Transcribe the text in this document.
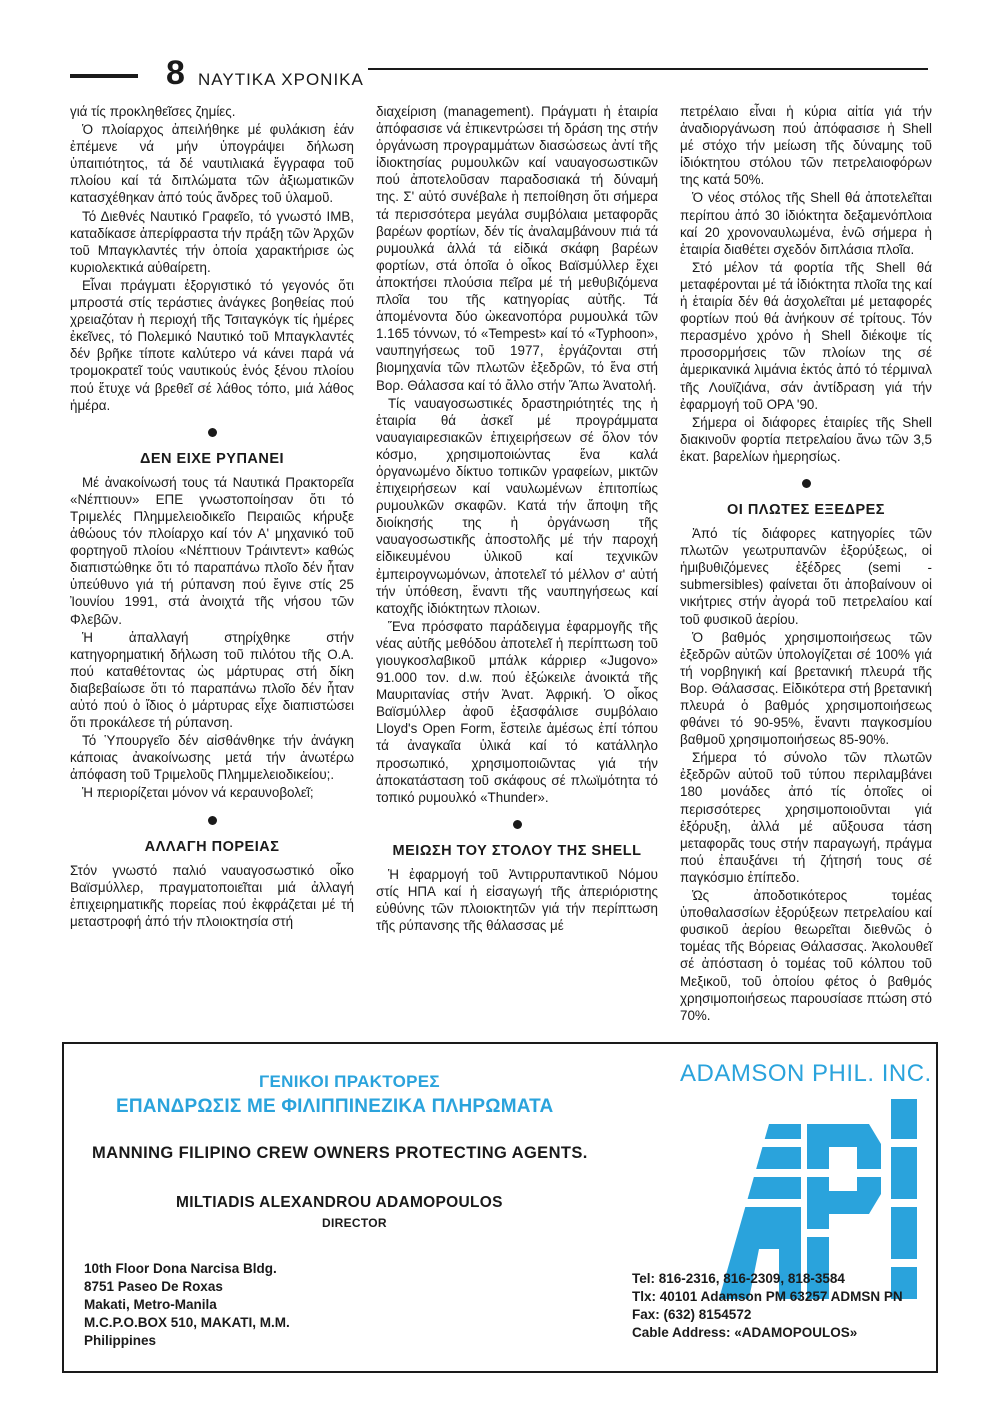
8 ΝΑΥΤΙΚΑ ΧΡΟΝΙΚΑ

γιά τίς προκληθεῖσες ζημίες.

Ὁ πλοίαρχος ἀπειλήθηκε μέ φυλάκιση ἐάν ἐπέμενε νά μήν ὑπογράψει δήλωση ὑπαιτιότητος, τά δέ ναυτιλιακά ἔγγραφα τοῦ πλοίου καί τά διπλώματα τῶν ἀξιωματικῶν κατασχέθηκαν ἀπό τούς ἄνδρες τοῦ ὑλαμοῦ.

Τό Διεθνές Ναυτικό Γραφεῖο, τό γνωστό IMB, καταδίκασε ἀπερίφραστα τήν πράξη τῶν Ἀρχῶν τοῦ Μπαγκλαντές τήν ὁποία χαρακτήρισε ὡς κυριολεκτικά αὐθαίρετη.

Εἶναι πράγματι ἐξοργιστικό τό γεγονός ὅτι μπροστά στίς τεράστιες ἀνάγκες βοηθείας πού χρειαζόταν ἡ περιοχή τῆς Τσιταγκόγκ τίς ἡμέρες ἐκεῖνες, τό Πολεμικό Ναυτικό τοῦ Μπαγκλαντές δέν βρῆκε τίποτε καλύτερο νά κάνει παρά νά τρομοκρατεῖ τούς ναυτικούς ἑνός ξένου πλοίου πού ἔτυχε νά βρεθεῖ σέ λάθος τόπο, μιά λάθος ἡμέρα.

ΔΕΝ ΕΙΧΕ ΡΥΠΑΝΕΙ

Μέ ἀνακοίνωσή τους τά Ναυτικά Πρακτορεῖα «Νέπτιουν» ΕΠΕ γνωστοποίησαν ὅτι τό Τριμελές Πλημμελειοδικεῖο Πειραιῶς κήρυξε ἀθώους τόν πλοίαρχο καί τόν Α' μηχανικό τοῦ φορτηγοῦ πλοίου «Νέπτιουν Τράιντεντ» καθώς διαπιστώθηκε ὅτι τό παραπάνω πλοῖο δέν ἦταν ὑπεύθυνο γιά τή ρύπανση πού ἔγινε στίς 25 Ἰουνίου 1991, στά ἀνοιχτά τῆς νήσου τῶν Φλεβῶν.

Ἡ ἀπαλλαγή στηρίχθηκε στήν κατηγορηματική δήλωση τοῦ πιλότου τῆς Ο.Α. πού καταθέτοντας ὡς μάρτυρας στή δίκη διαβεβαίωσε ὅτι τό παραπάνω πλοῖο δέν ἦταν αὐτό πού ὁ ἴδιος ὁ μάρτυρας εἶχε διαπιστώσει ὅτι προκάλεσε τή ρύπανση.

Τό Ὑπουργεῖο δέν αἰσθάνθηκε τήν ἀνάγκη κάποιας ἀνακοίνωσης μετά τήν ἀνωτέρω ἀπόφαση τοῦ Τριμελοῦς Πλημμελειοδικείου;.

Ἡ περιορίζεται μόνον νά κεραυνοβολεῖ;

ΑΛΛΑΓΗ ΠΟΡΕΙΑΣ

Στόν γνωστό παλιό ναυαγοσωστικό οἶκο Βαϊσμύλλερ, πραγματοποιεῖται μιά ἀλλαγή ἐπιχειρηματικῆς πορείας πού ἐκφράζεται μέ τή μεταστροφή ἀπό τήν πλοιοκτησία στή

διαχείριση (management). Πράγματι ἡ ἑταιρία ἀπόφασισε νά ἐπικεντρώσει τή δράση της στήν ὀργάνωση προγραμμάτων διασώσεως ἀντί τῆς ἰδιοκτησίας ρυμουλκῶν καί ναυαγοσωστικῶν πού ἀποτελοῦσαν παραδοσιακά τή δύναμή της. Σ' αὐτό συνέβαλε ἡ πεποίθηση ὅτι σήμερα τά περισσότερα μεγάλα συμβόλαια μεταφορᾶς βαρέων φορτίων, δέν τίς ἀναλαμβάνουν πιά τά ρυμουλκά ἀλλά τά εἰδικά σκάφη βαρέων φορτίων, στά ὁποῖα ὁ οἶκος Βαϊσμύλλερ ἔχει ἀποκτήσει πλούσια πεῖρα μέ τή μεθυβιζόμενα πλοῖα του τῆς κατηγορίας αὐτῆς. Τά ἀπομένοντα δύο ὠκεανοπόρα ρυμουλκά τῶν 1.165 τόννων, τό «Tempest» καί τό «Typhoon», ναυπηγήσεως τοῦ 1977, ἐργάζονται στή βιομηχανία τῶν πλωτῶν ἐξεδρῶν, τό ἕνα στή Βορ. Θάλασσα καί τό ἄλλο στήν Ἄπω Ἀνατολή.

Τίς ναυαγοσωστικές δραστηριότητές της ἡ ἑταιρία θά ἀσκεῖ μέ προγράμματα ναυαγιαιρεσιακῶν ἐπιχειρήσεων σέ ὅλον τόν κόσμο, χρησιμοποιώντας ἕνα καλά ὀργανωμένο δίκτυο τοπικῶν γραφείων, μικτῶν ἐπιχειρήσεων καί ναυλωμένων ἐπιτοπίως ρυμουλκῶν σκαφῶν. Κατά τήν ἄποψη τῆς διοίκησής της ἡ ὀργάνωση τῆς ναυαγοσωστικῆς ἀποστολῆς μέ τήν παροχή εἰδικευμένου ὑλικοῦ καί τεχνικῶν ἐμπειρογνωμόνων, ἀποτελεῖ τό μέλλον σ' αὐτή τήν ὑπόθεση, ἔναντι τῆς ναυπηγήσεως καί κατοχῆς ἰδιόκτητων πλοιων.

Ἕνα πρόσφατο παράδειγμα ἐφαρμογῆς τῆς νέας αὐτῆς μεθόδου ἀποτελεῖ ἡ περίπτωση τοῦ γιουγκοσλαβικοῦ μπάλκ κάρριερ «Jugovo» 91.000 τον. d.w. πού ἐξώκειλε ἀνοικτά τῆς Μαυριτανίας στήν Ἀνατ. Ἀφρική. Ὁ οἶκος Βαϊσμύλλερ ἀφοῦ ἐξασφάλισε συμβόλαιο Lloyd's Open Form, ἔστειλε ἀμέσως ἐπί τόπου τά ἀναγκαῖα ὑλικά καί τό κατάλληλο προσωπικό, χρησιμοποιῶντας γιά τήν ἀποκατάσταση τοῦ σκάφους σέ πλωϊμότητα τό τοπικό ρυμουλκό «Thunder».

ΜΕΙΩΣΗ ΤΟΥ ΣΤΟΛΟΥ ΤΗΣ SHELL

Ἡ ἐφαρμογή τοῦ Ἀντιρρυπαντικοῦ Νόμου στίς ΗΠΑ καί ἡ εἰσαγωγή τῆς ἀπεριόριστης εὐθύνης τῶν πλοιοκτητῶν γιά τήν περίπτωση τῆς ρύπανσης τῆς θάλασσας μέ

πετρέλαιο εἶναι ἡ κύρια αἰτία γιά τήν ἀναδιοργάνωση πού ἀπόφασισε ἡ Shell μέ στόχο τήν μείωση τῆς δύναμης τοῦ ἰδιόκτητου στόλου τῶν πετρελαιοφόρων της κατά 50%.

Ὁ νέος στόλος τῆς Shell θά ἀποτελεῖται περίπου ἀπό 30 ἰδιόκτητα δεξαμενόπλοια καί 20 χρονοναυλωμένα, ἐνῶ σήμερα ἡ ἑταιρία διαθέτει σχεδόν διπλάσια πλοῖα.

Στό μέλον τά φορτία τῆς Shell θά μεταφέρονται μέ τά ἰδιόκτητα πλοῖα της καί ἡ ἑταιρία δέν θά ἀσχολεῖται μέ μεταφορές φορτίων πού θά ἀνήκουν σέ τρίτους. Τόν περασμένο χρόνο ἡ Shell διέκοψε τίς προσορμήσεις τῶν πλοίων της σέ ἀμερικανικά λιμάνια ἐκτός ἀπό τό τέρμιναλ τῆς Λουϊζιάνα, σάν ἀντίδραση γιά τήν ἐφαρμογή τοῦ OPA '90.

Σήμερα οἱ διάφορες ἑταιρίες τῆς Shell διακινοῦν φορτία πετρελαίου ἄνω τῶν 3,5 ἑκατ. βαρελίων ἡμερησίως.

ΟΙ ΠΛΩΤΕΣ ΕΞΕΔΡΕΣ

Ἀπό τίς διάφορες κατηγορίες τῶν πλωτῶν γεωτρυπανῶν ἐξορύξεως, οἱ ἡμιβυθιζόμενες ἐξέδρες (semi - submersibles) φαίνεται ὅτι ἀποβαίνουν οἱ νικήτριες στήν ἀγορά τοῦ πετρελαίου καί τοῦ φυσικοῦ ἀερίου.

Ὁ βαθμός χρησιμοποιήσεως τῶν ἐξεδρῶν αὐτῶν ὑπολογίζεται σέ 100% γιά τή νορβηγική καί βρετανική πλευρά τῆς Βορ. Θάλασσας. Εἰδικότερα στή βρετανική πλευρά ὁ βαθμός χρησιμοποιήσεως φθάνει τό 90-95%, ἔναντι παγκοσμίου βαθμοῦ χρησιμοποιήσεως 85-90%.

Σήμερα τό σύνολο τῶν πλωτῶν ἐξεδρῶν αὐτοῦ τοῦ τύπου περιλαμβάνει 180 μονάδες ἀπό τίς ὁποῖες οἱ περισσότερες χρησιμοποιοῦνται γιά ἐξόρυξη, ἀλλά μέ αὔξουσα τάση μεταφορᾶς τους στήν παραγωγή, πράγμα πού ἐπαυξάνει τή ζήτησή τους σέ παγκόσμιο ἐπίπεδο.

Ὡς ἀποδοτικότερος τομέας ὑποθαλασσίων ἐξορύξεων πετρελαίου καί φυσικοῦ ἀερίου θεωρεῖται διεθνῶς ὁ τομέας τῆς Βόρειας Θάλασσας. Ἀκολουθεῖ σέ ἀπόσταση ὁ τομέας τοῦ κόλπου τοῦ Μεξικοῦ, τοῦ ὁποίου φέτος ὁ βαθμός χρησιμοποιήσεως παρουσίασε πτώση στό 70%.

ΓΕΝΙΚΟΙ ΠΡΑΚΤΟΡΕΣ
ΕΠΑΝΔΡΩΣΙΣ ΜΕ ΦΙΛΙΠΠΙΝΕΖΙΚΑ ΠΛΗΡΩΜΑΤΑ
MANNING FILIPINO CREW OWNERS PROTECTING AGENTS.
MILTIADIS ALEXANDROU ADAMOPOULOS
DIRECTOR
ADAMSON PHIL. INC.
10th Floor Dona Narcisa Bldg.
8751 Paseo De Roxas
Makati, Metro-Manila
M.C.P.O.BOX 510, MAKATI, M.M.
Philippines
Tel: 816-2316, 816-2309, 818-3584
Tlx: 40101 Adamson PM 63257 ADMSN PN
Fax: (632) 8154572
Cable Address: «ADAMOPOULOS»
